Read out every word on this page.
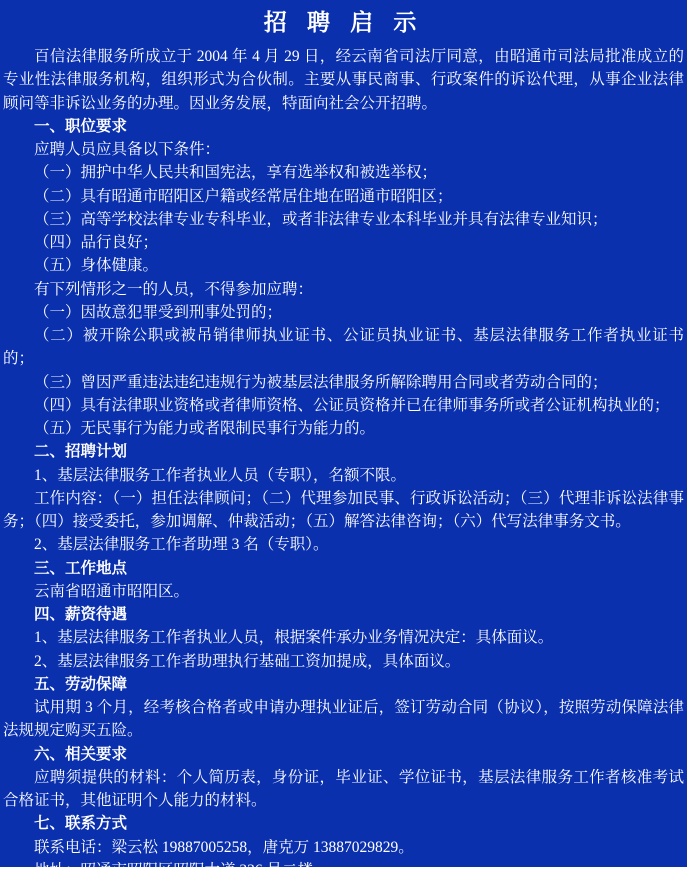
招 聘 启 示

百信法律服务所成立于 2004 年 4 月 29 日，经云南省司法厅同意，由昭通市司法局批准成立的专业性法律服务机构，组织形式为合伙制。主要从事民商事、行政案件的诉讼代理，从事企业法律顾问等非诉讼业务的办理。因业务发展，特面向社会公开招聘。

一、职位要求

应聘人员应具备以下条件：

（一）拥护中华人民共和国宪法，享有选举权和被选举权；

（二）具有昭通市昭阳区户籍或经常居住地在昭通市昭阳区；

（三）高等学校法律专业专科毕业，或者非法律专业本科毕业并具有法律专业知识；

（四）品行良好；

（五）身体健康。

有下列情形之一的人员，不得参加应聘：

（一）因故意犯罪受到刑事处罚的；

（二）被开除公职或被吊销律师执业证书、公证员执业证书、基层法律服务工作者执业证书的；

（三）曾因严重违法违纪违规行为被基层法律服务所解除聘用合同或者劳动合同的；

（四）具有法律职业资格或者律师资格、公证员资格并已在律师事务所或者公证机构执业的；

（五）无民事行为能力或者限制民事行为能力的。

二、招聘计划

1、基层法律服务工作者执业人员（专职），名额不限。

工作内容：（一）担任法律顾问；（二）代理参加民事、行政诉讼活动；（三）代理非诉讼法律事务；（四）接受委托，参加调解、仲裁活动；（五）解答法律咨询；（六）代写法律事务文书。

2、基层法律服务工作者助理 3 名（专职）。

三、工作地点

云南省昭通市昭阳区。

四、薪资待遇

1、基层法律服务工作者执业人员，根据案件承办业务情况决定：具体面议。

2、基层法律服务工作者助理执行基础工资加提成，具体面议。

五、劳动保障

试用期 3 个月，经考核合格者或申请办理执业证后，签订劳动合同（协议），按照劳动保障法律法规规定购买五险。

六、相关要求

应聘须提供的材料：个人简历表，身份证，毕业证、学位证书，基层法律服务工作者核准考试合格证书，其他证明个人能力的材料。

七、联系方式

联系电话：梁云松 19887005258，唐克万 13887029829。

地址：昭通市昭阳区昭阳大道 336 号二楼。
